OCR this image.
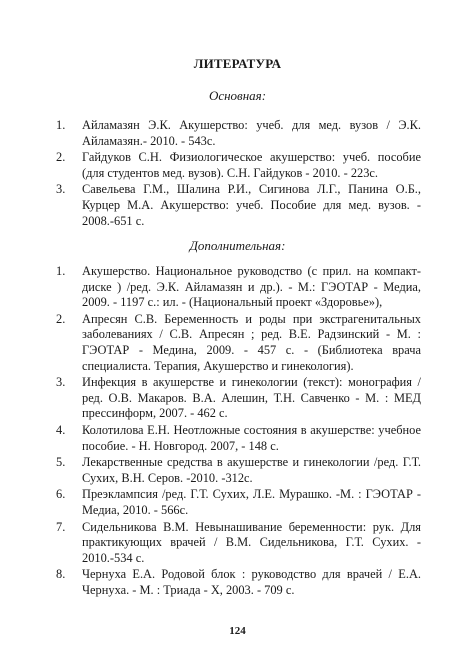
ЛИТЕРАТУРА
Основная:
1. Айламазян Э.К. Акушерство: учеб. для мед. вузов / Э.К. Айламазян.- 2010. - 543с.
2. Гайдуков С.Н. Физиологическое акушерство: учеб. пособие (для студентов мед. вузов). С.Н. Гайдуков - 2010. - 223с.
3. Савельева Г.М., Шалина Р.И., Сигинова Л.Г., Панина О.Б., Курцер М.А. Акушерство: учеб. Пособие для мед. вузов. - 2008.-651 с.
Дополнительная:
1. Акушерство. Национальное руководство (с прил. на компакт-диске ) /ред. Э.К. Айламазян и др.). - М.: ГЭОТАР - Медиа, 2009. - 1197 с.: ил. - (Национальный проект «Здоровье»),
2. Апресян С.В. Беременность и роды при экстрагенитальных заболеваниях / С.В. Апресян ; ред. В.Е. Радзинский - М. : ГЭОТАР - Медина, 2009. - 457 с. - (Библиотека врача специалиста. Терапия, Акушерство и гинекология).
3. Инфекция в акушерстве и гинекологии (текст): монография / ред. О.В. Макаров. В.А. Алешин, Т.Н. Савченко - М. : МЕД прессинформ, 2007. - 462 с.
4. Колотилова Е.Н. Неотложные состояния в акушерстве: учебное пособие. - Н. Новгород. 2007, - 148 с.
5. Лекарственные средства в акушерстве и гинекологии /ред. Г.Т. Сухих, В.Н. Серов. -2010. -312с.
6. Преэклампсия /ред. Г.Т. Сухих, Л.Е. Мурашко. -М. : ГЭОТАР - Медиа, 2010. - 566с.
7. Сидельникова В.М. Невынашивание беременности: рук. Для практикующих врачей / В.М. Сидельникова, Г.Т. Сухих. - 2010.-534 с.
8. Чернуха Е.А. Родовой блок : руководство для врачей / Е.А. Чернуха. - М. : Триада - Х, 2003. - 709 с.
124
